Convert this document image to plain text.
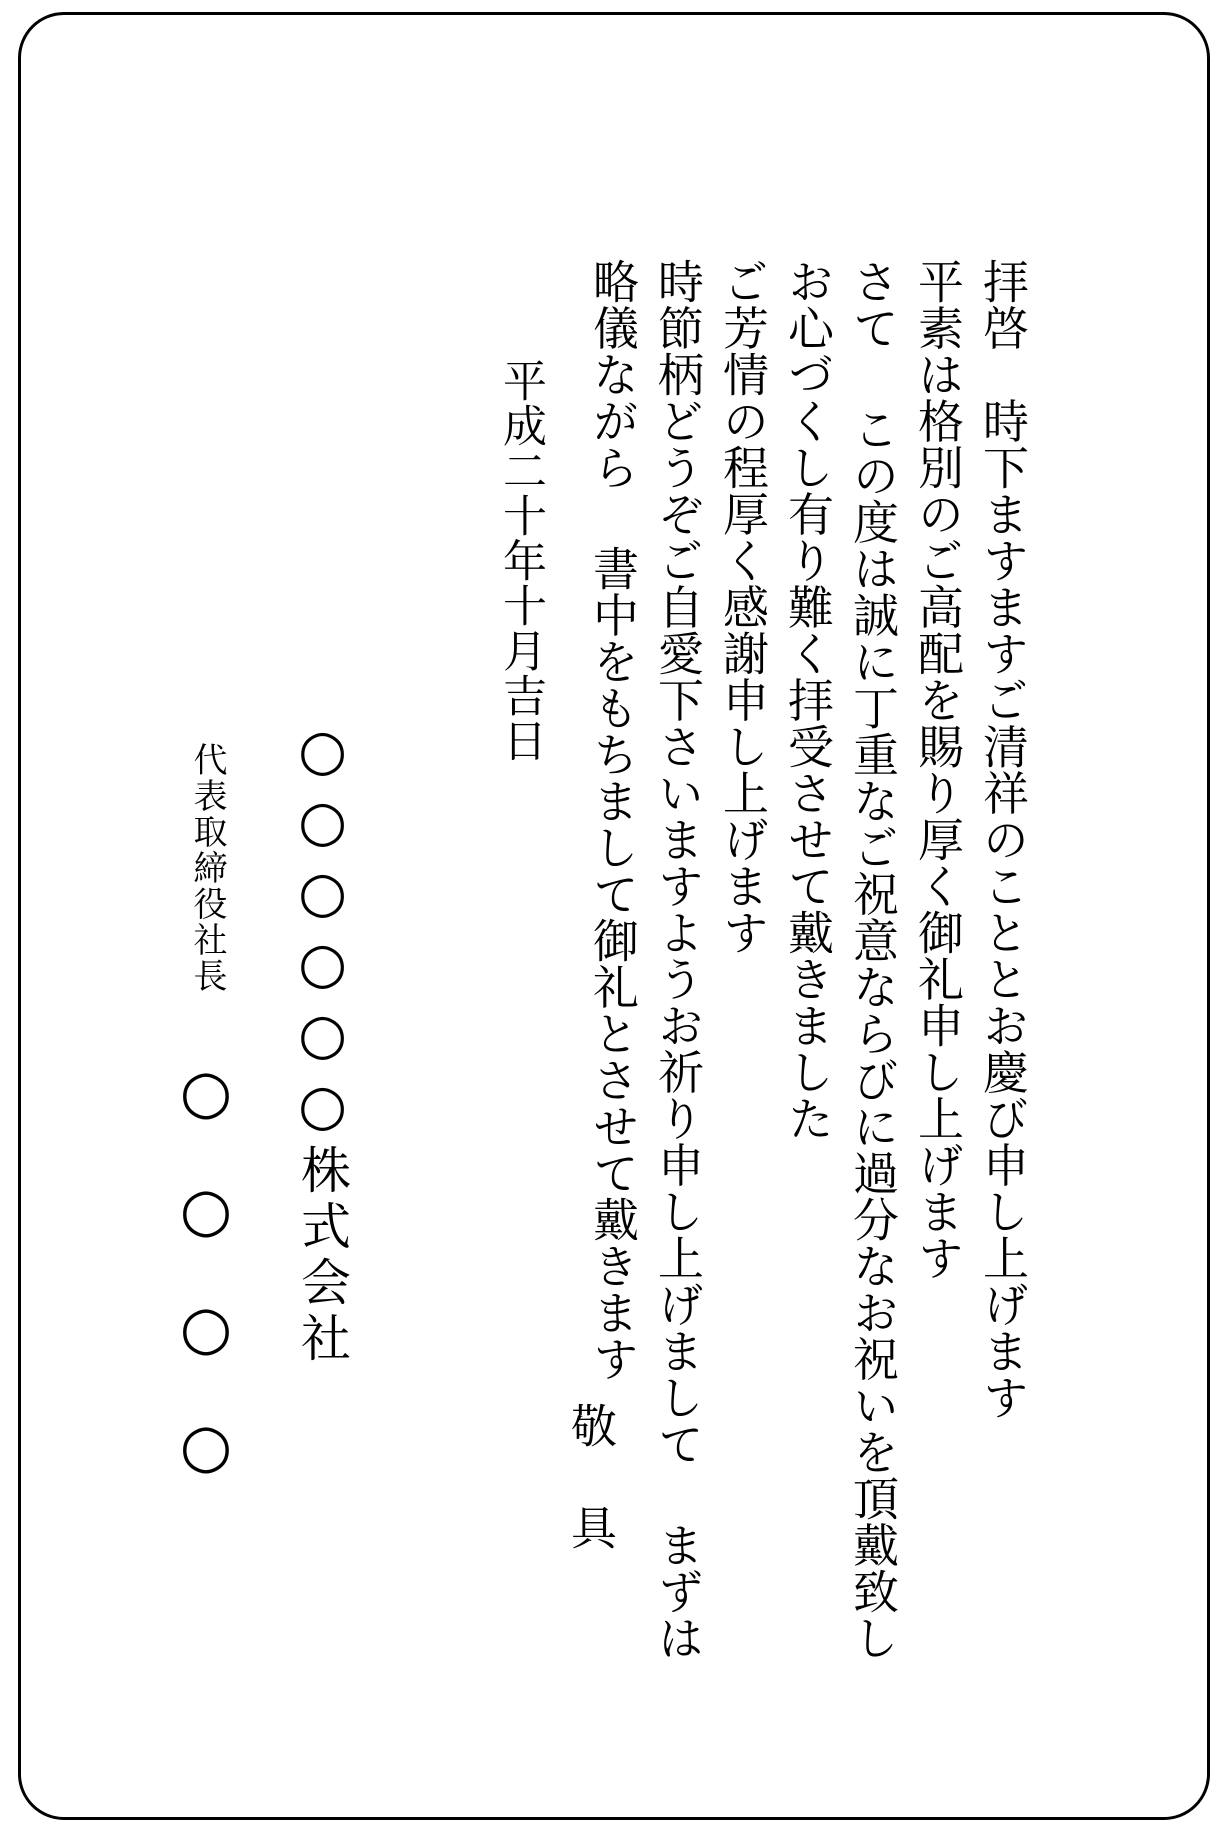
拝啓　時下ますますご清祥のこととお慶び申し上げます

平素は格別のご高配を賜り厚く御礼申し上げます

さて この度は誠に丁重なご祝意ならびに過分なお祝いを頂戴致し

お心づくし有り難く拝受させて戴きました

ご芳情の程厚く感謝申し上げます

時節柄どうぞご自愛下さいますようお祈り申し上げまして まずは

略儀ながら 書中をもちまして御礼とさせて戴きます

敬具

平成二十年十月吉日

○○○○○○株式会社

代表取締役社長

○
○
○
○
